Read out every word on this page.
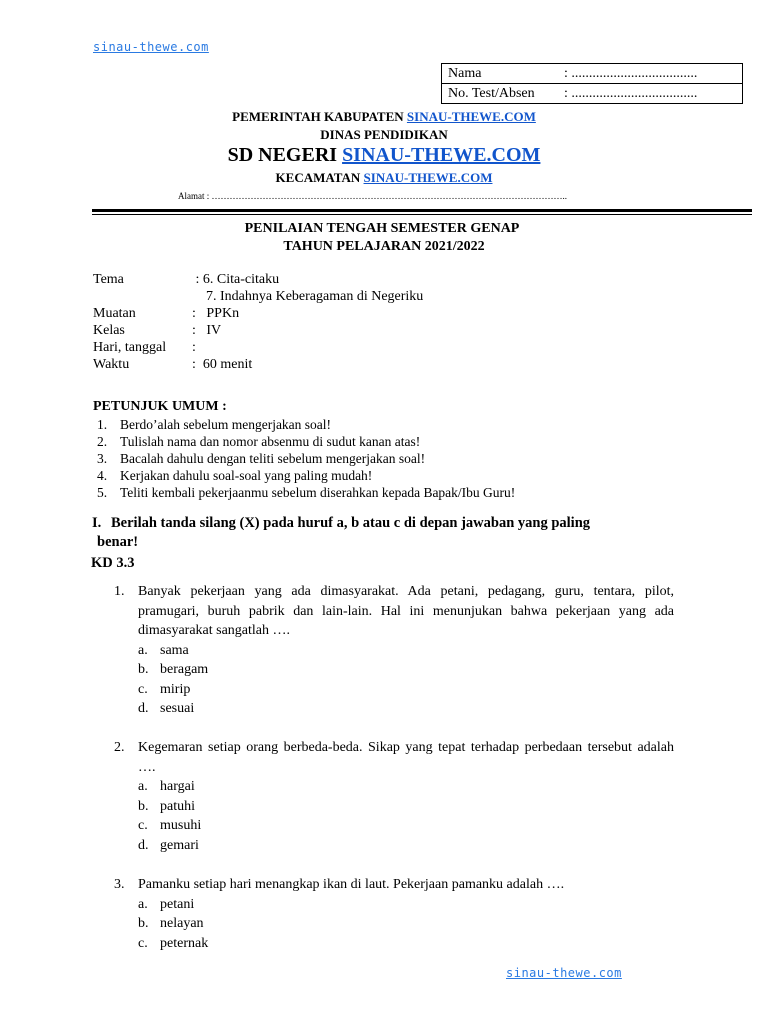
sinau-thewe.com
Nama	: ....................................
No. Test/Absen	: ....................................
PEMERINTAH KABUPATEN SINAU-THEWE.COM
DINAS PENDIDIKAN
SD NEGERI SINAU-THEWE.COM
KECAMATAN SINAU-THEWE.COM
Alamat : ………………………………………………………………………………………………………..
PENILAIAN TENGAH SEMESTER GENAP
TAHUN PELAJARAN 2021/2022
Tema	: 6. Cita-citaku
7. Indahnya Keberagaman di Negeriku
Muatan	:   PPKn
Kelas	:   IV
Hari, tanggal	:
Waktu	:  60 menit
PETUNJUK UMUM :
1. Berdo’alah sebelum mengerjakan soal!
2. Tulislah nama dan nomor absenmu di sudut kanan atas!
3. Bacalah dahulu dengan teliti sebelum mengerjakan soal!
4. Kerjakan dahulu soal-soal yang paling mudah!
5. Teliti kembali pekerjaanmu sebelum diserahkan kepada Bapak/Ibu Guru!
I. Berilah tanda silang (X) pada huruf a, b atau c di depan jawaban yang paling
benar!
KD 3.3
1. Banyak pekerjaan yang ada dimasyarakat. Ada petani, pedagang, guru, tentara, pilot, pramugari, buruh pabrik dan lain-lain. Hal ini menunjukan bahwa pekerjaan yang ada dimasyarakat sangatlah ….
a. sama
b. beragam
c. mirip
d. sesuai
2. Kegemaran setiap orang berbeda-beda. Sikap yang tepat terhadap perbedaan tersebut adalah ….
a. hargai
b. patuhi
c. musuhi
d. gemari
3. Pamanku setiap hari menangkap ikan di laut. Pekerjaan pamanku adalah ….
a. petani
b. nelayan
c. peternak
sinau-thewe.com
